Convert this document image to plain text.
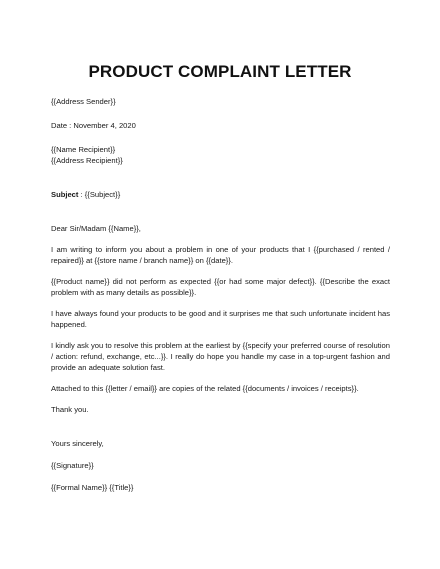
PRODUCT COMPLAINT LETTER
{{Address Sender}}
Date : November 4, 2020
{{Name Recipient}}
{{Address Recipient}}
Subject : {{Subject}}
Dear Sir/Madam {{Name}},
I am writing to inform you about a problem in one of your products that I {{purchased / rented / repaired}} at {{store name / branch name}} on {{date}}.
{{Product name}} did not perform as expected {{or had some major defect}}. {{Describe the exact problem with as many details as possible}}.
I have always found your products to be good and it surprises me that such unfortunate incident has happened.
I kindly ask you to resolve this problem at the earliest by {{specify your preferred course of resolution / action: refund, exchange, etc...}}. I really do hope you handle my case in a top-urgent fashion and provide an adequate solution fast.
Attached to this {{letter / email}} are copies of the related {{documents / invoices / receipts}}.
Thank you.
Yours sincerely,
{{Signature}}
{{Formal Name}} {{Title}}
